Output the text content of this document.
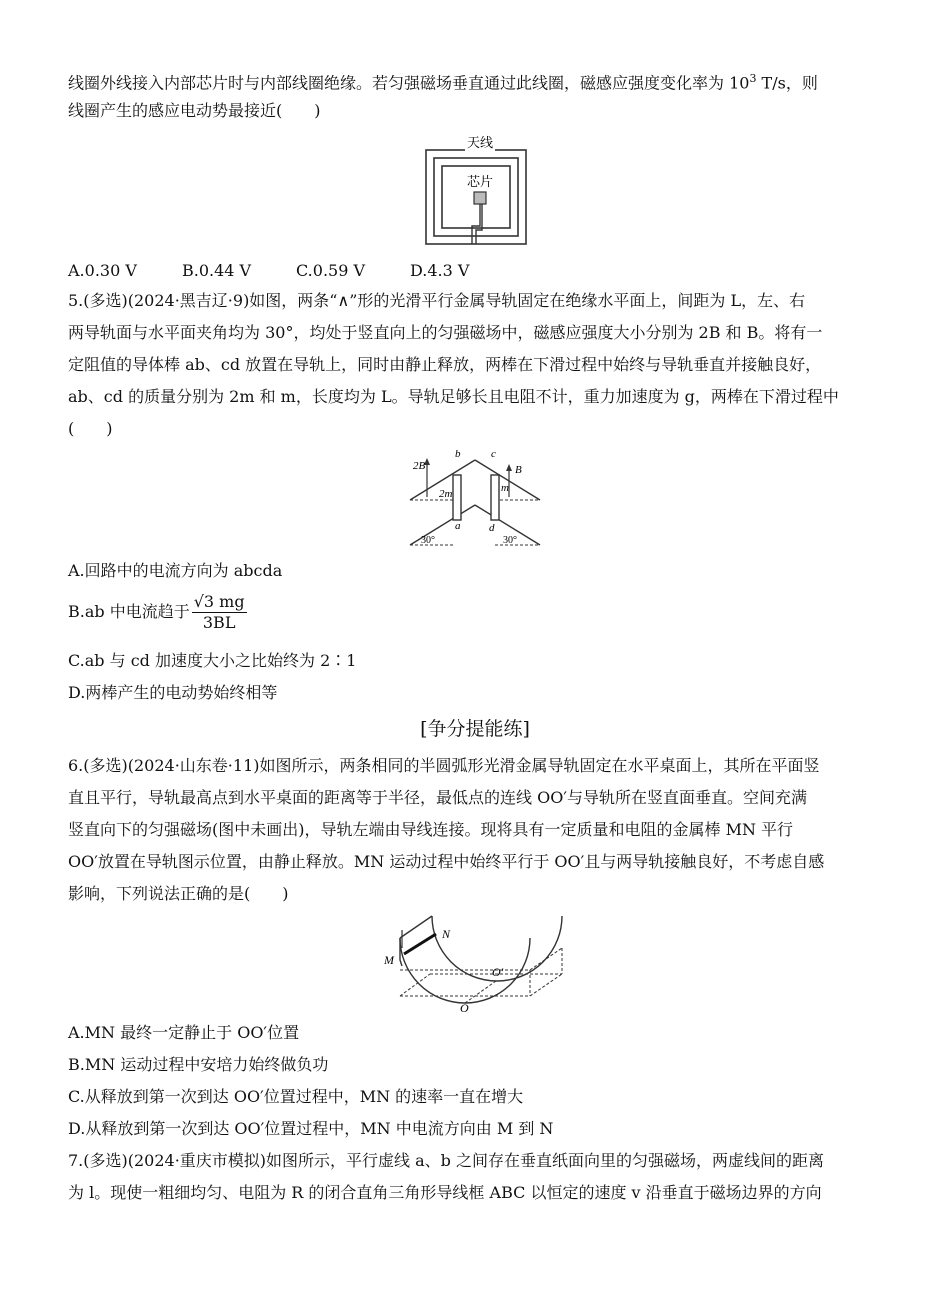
线圈外线接入内部芯片时与内部线圈绝缘。若匀强磁场垂直通过此线圈，磁感应强度变化率为 $10^3$ T/s，则
线圈产生的感应电动势最接近(　　)
天线
芯片
A.0.30 V	B.0.44 V	C.0.59 V	D.4.3 V
5.(多选)(2024·黑吉辽·9)如图，两条“∧”形的光滑平行金属导轨固定在绝缘水平面上，间距为 L，左、右
两导轨面与水平面夹角均为 30°，均处于竖直向上的匀强磁场中，磁感应强度大小分别为 2B 和 B。将有一
定阻值的导体棒 ab、cd 放置在导轨上，同时由静止释放，两棒在下滑过程中始终与导轨垂直并接触良好，
ab、cd 的质量分别为 2m 和 m，长度均为 L。导轨足够长且电阻不计，重力加速度为 g，两棒在下滑过程中
(　　)
2B	B
b	c
a	d
2m	m
30°	30°
A.回路中的电流方向为 abcda
B.ab 中电流趋于 $\frac{√3 mg}{3BL}$
C.ab 与 cd 加速度大小之比始终为 2∶1
D.两棒产生的电动势始终相等
[争分提能练]
6.(多选)(2024·山东卷·11)如图所示，两条相同的半圆弧形光滑金属导轨固定在水平桌面上，其所在平面竖
直且平行，导轨最高点到水平桌面的距离等于半径，最低点的连线 OO′与导轨所在竖直面垂直。空间充满
竖直向下的匀强磁场(图中未画出)，导轨左端由导线连接。现将具有一定质量和电阻的金属棒 MN 平行
OO′放置在导轨图示位置，由静止释放。MN 运动过程中始终平行于 OO′且与两导轨接触良好，不考虑自感
影响，下列说法正确的是(　　)
M
N
O
O′
A.MN 最终一定静止于 OO′位置
B.MN 运动过程中安培力始终做负功
C.从释放到第一次到达 OO′位置过程中，MN 的速率一直在增大
D.从释放到第一次到达 OO′位置过程中，MN 中电流方向由 M 到 N
7.(多选)(2024·重庆市模拟)如图所示，平行虚线 a、b 之间存在垂直纸面向里的匀强磁场，两虚线间的距离
为 l。现使一粗细均匀、电阻为 R 的闭合直角三角形导线框 ABC 以恒定的速度 v 沿垂直于磁场边界的方向
